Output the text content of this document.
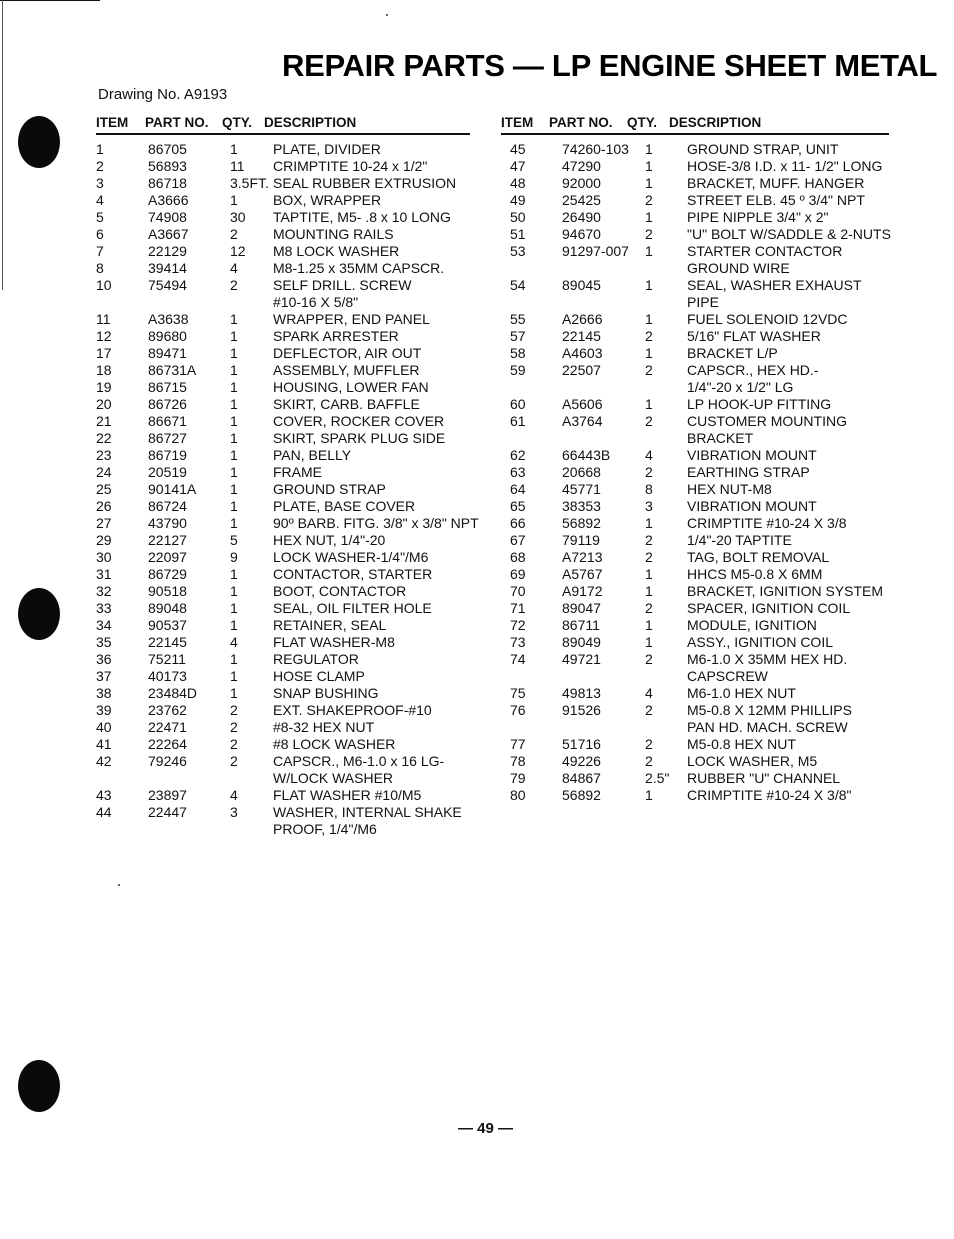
REPAIR PARTS — LP ENGINE SHEET METAL
Drawing No. A9193
ITEM PART NO. QTY. DESCRIPTION	ITEM PART NO. QTY. DESCRIPTION
1	86705	1	PLATE, DIVIDER
2	56893	11 CRIMPTITE 10-24 x 1/2"
3	86718	3.5FT. SEAL RUBBER EXTRUSION
4	A3666	1	BOX, WRAPPER
5	74908	30 TAPTITE, M5- .8 x 10 LONG
6	A3667	2	MOUNTING RAILS
7	22129	12 M8 LOCK WASHER
8	39414	4	M8-1.25 x 35MM CAPSCR.
10	75494	2	SELF DRILL. SCREW
#10-16 X 5/8"
11	A3638	1	WRAPPER, END PANEL
12	89680	1	SPARK ARRESTER
17	89471	1	DEFLECTOR, AIR OUT
18	86731A 1	ASSEMBLY, MUFFLER
19	86715	1	HOUSING, LOWER FAN
20	86726	1	SKIRT, CARB. BAFFLE
21	86671	1	COVER, ROCKER COVER
22	86727	1	SKIRT, SPARK PLUG SIDE
23	86719	1	PAN, BELLY
24	20519	1	FRAME
25	90141A 1	GROUND STRAP
26	86724	1	PLATE, BASE COVER
27	43790	1	90º BARB. FITG. 3/8" x 3/8" NPT
29	22127	5	HEX NUT, 1/4"-20
30	22097	9	LOCK WASHER-1/4"/M6
31	86729	1	CONTACTOR, STARTER
32	90518	1	BOOT, CONTACTOR
33	89048	1	SEAL, OIL FILTER HOLE
34	90537	1	RETAINER, SEAL
35	22145	4	FLAT WASHER-M8
36	75211	1	REGULATOR
37	40173	1	HOSE CLAMP
38	23484D 1	SNAP BUSHING
39	23762	2	EXT. SHAKEPROOF-#10
40	22471	2	#8-32 HEX NUT
41	22264	2	#8 LOCK WASHER
42	79246	2	CAPSCR., M6-1.0 x 16 LG-
W/LOCK WASHER
43	23897	4	FLAT WASHER #10/M5
44	22447	3	WASHER, INTERNAL SHAKE
PROOF, 1/4"/M6
45	74260-103 1 GROUND STRAP, UNIT
47	47290	1 HOSE-3/8 I.D. x 11- 1/2" LONG
48	92000	1 BRACKET, MUFF. HANGER
49	25425	2 STREET ELB. 45 º 3/4" NPT
50	26490	1 PIPE NIPPLE 3/4" x 2"
51	94670	2 "U" BOLT W/SADDLE & 2-NUTS
53	91297-007 1 STARTER CONTACTOR
GROUND WIRE
54	89045	1 SEAL, WASHER EXHAUST
PIPE
55	A2666	1 FUEL SOLENOID 12VDC
57	22145	2 5/16" FLAT WASHER
58	A4603	1 BRACKET L/P
59	22507	2 CAPSCR., HEX HD.-
1/4"-20 x 1/2" LG
60	A5606	1 LP HOOK-UP FITTING
61	A3764	2 CUSTOMER MOUNTING
BRACKET
62	66443B 4 VIBRATION MOUNT
63	20668	2 EARTHING STRAP
64	45771	8 HEX NUT-M8
65	38353	3 VIBRATION MOUNT
66	56892	1 CRIMPTITE #10-24 X 3/8
67	79119	2 1/4"-20 TAPTITE
68	A7213	2 TAG, BOLT REMOVAL
69	A5767	1 HHCS M5-0.8 X 6MM
70	A9172	1 BRACKET, IGNITION SYSTEM
71	89047	2 SPACER, IGNITION COIL
72	86711	1 MODULE, IGNITION
73	89049	1 ASSY., IGNITION COIL
74	49721	2 M6-1.0 X 35MM HEX HD.
CAPSCREW
75	49813	4 M6-1.0 HEX NUT
76	91526	2 M5-0.8 X 12MM PHILLIPS
PAN HD. MACH. SCREW
77	51716	2 M5-0.8 HEX NUT
78	49226	2 LOCK WASHER, M5
79	84867	2.5" RUBBER "U" CHANNEL
80	56892	1 CRIMPTITE #10-24 X 3/8"
— 49 —
